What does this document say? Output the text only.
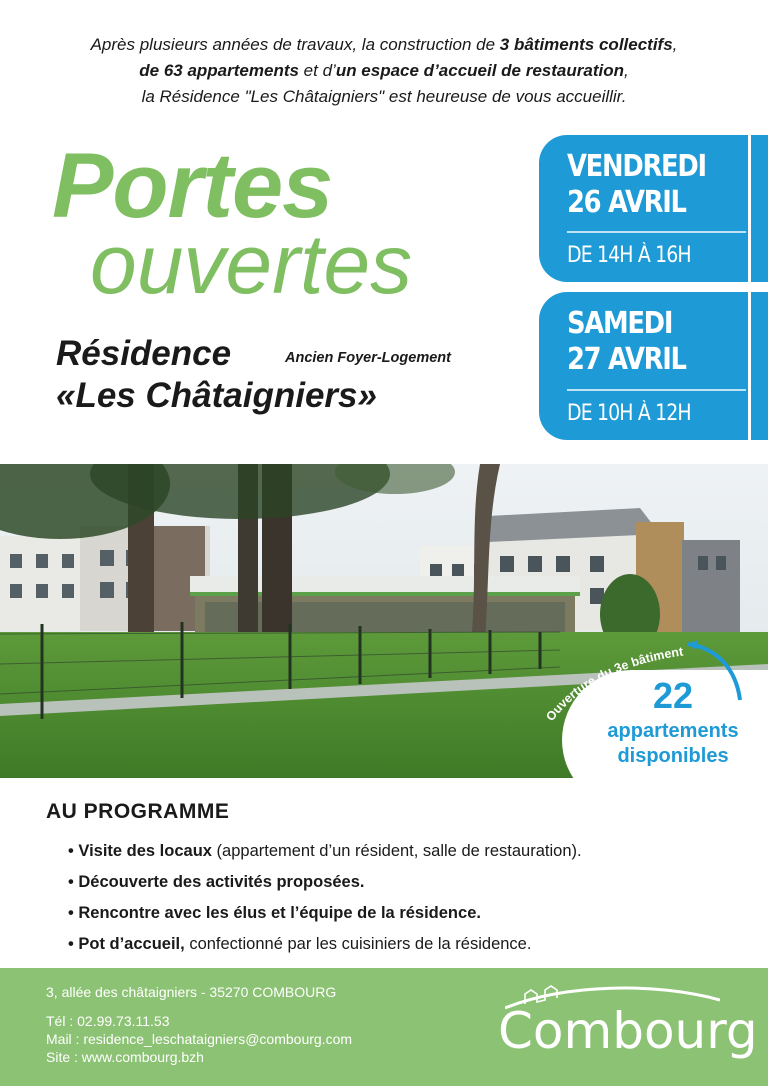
Après plusieurs années de travaux, la construction de 3 bâtiments collectifs,
de 63 appartements et d’un espace d’accueil de restauration,
la Résidence "Les Châtaigniers" est heureuse de vous accueillir.
Portes
ouvertes
Résidence	Ancien Foyer-Logement
«Les Châtaigniers»
VENDREDI
26 AVRIL
DE 14H À 16H
SAMEDI
27 AVRIL
DE 10H À 12H
Ouverture du 3e bâtiment
22
appartements
disponibles
AU PROGRAMME
• Visite des locaux (appartement d’un résident, salle de restauration).
• Découverte des activités proposées.
• Rencontre avec les élus et l’équipe de la résidence.
• Pot d’accueil, confectionné par les cuisiniers de la résidence.
3, allée des châtaigniers - 35270 COMBOURG
Tél : 02.99.73.11.53
Mail : residence_leschataigniers@combourg.com
Site : www.combourg.bzh	Combourg
